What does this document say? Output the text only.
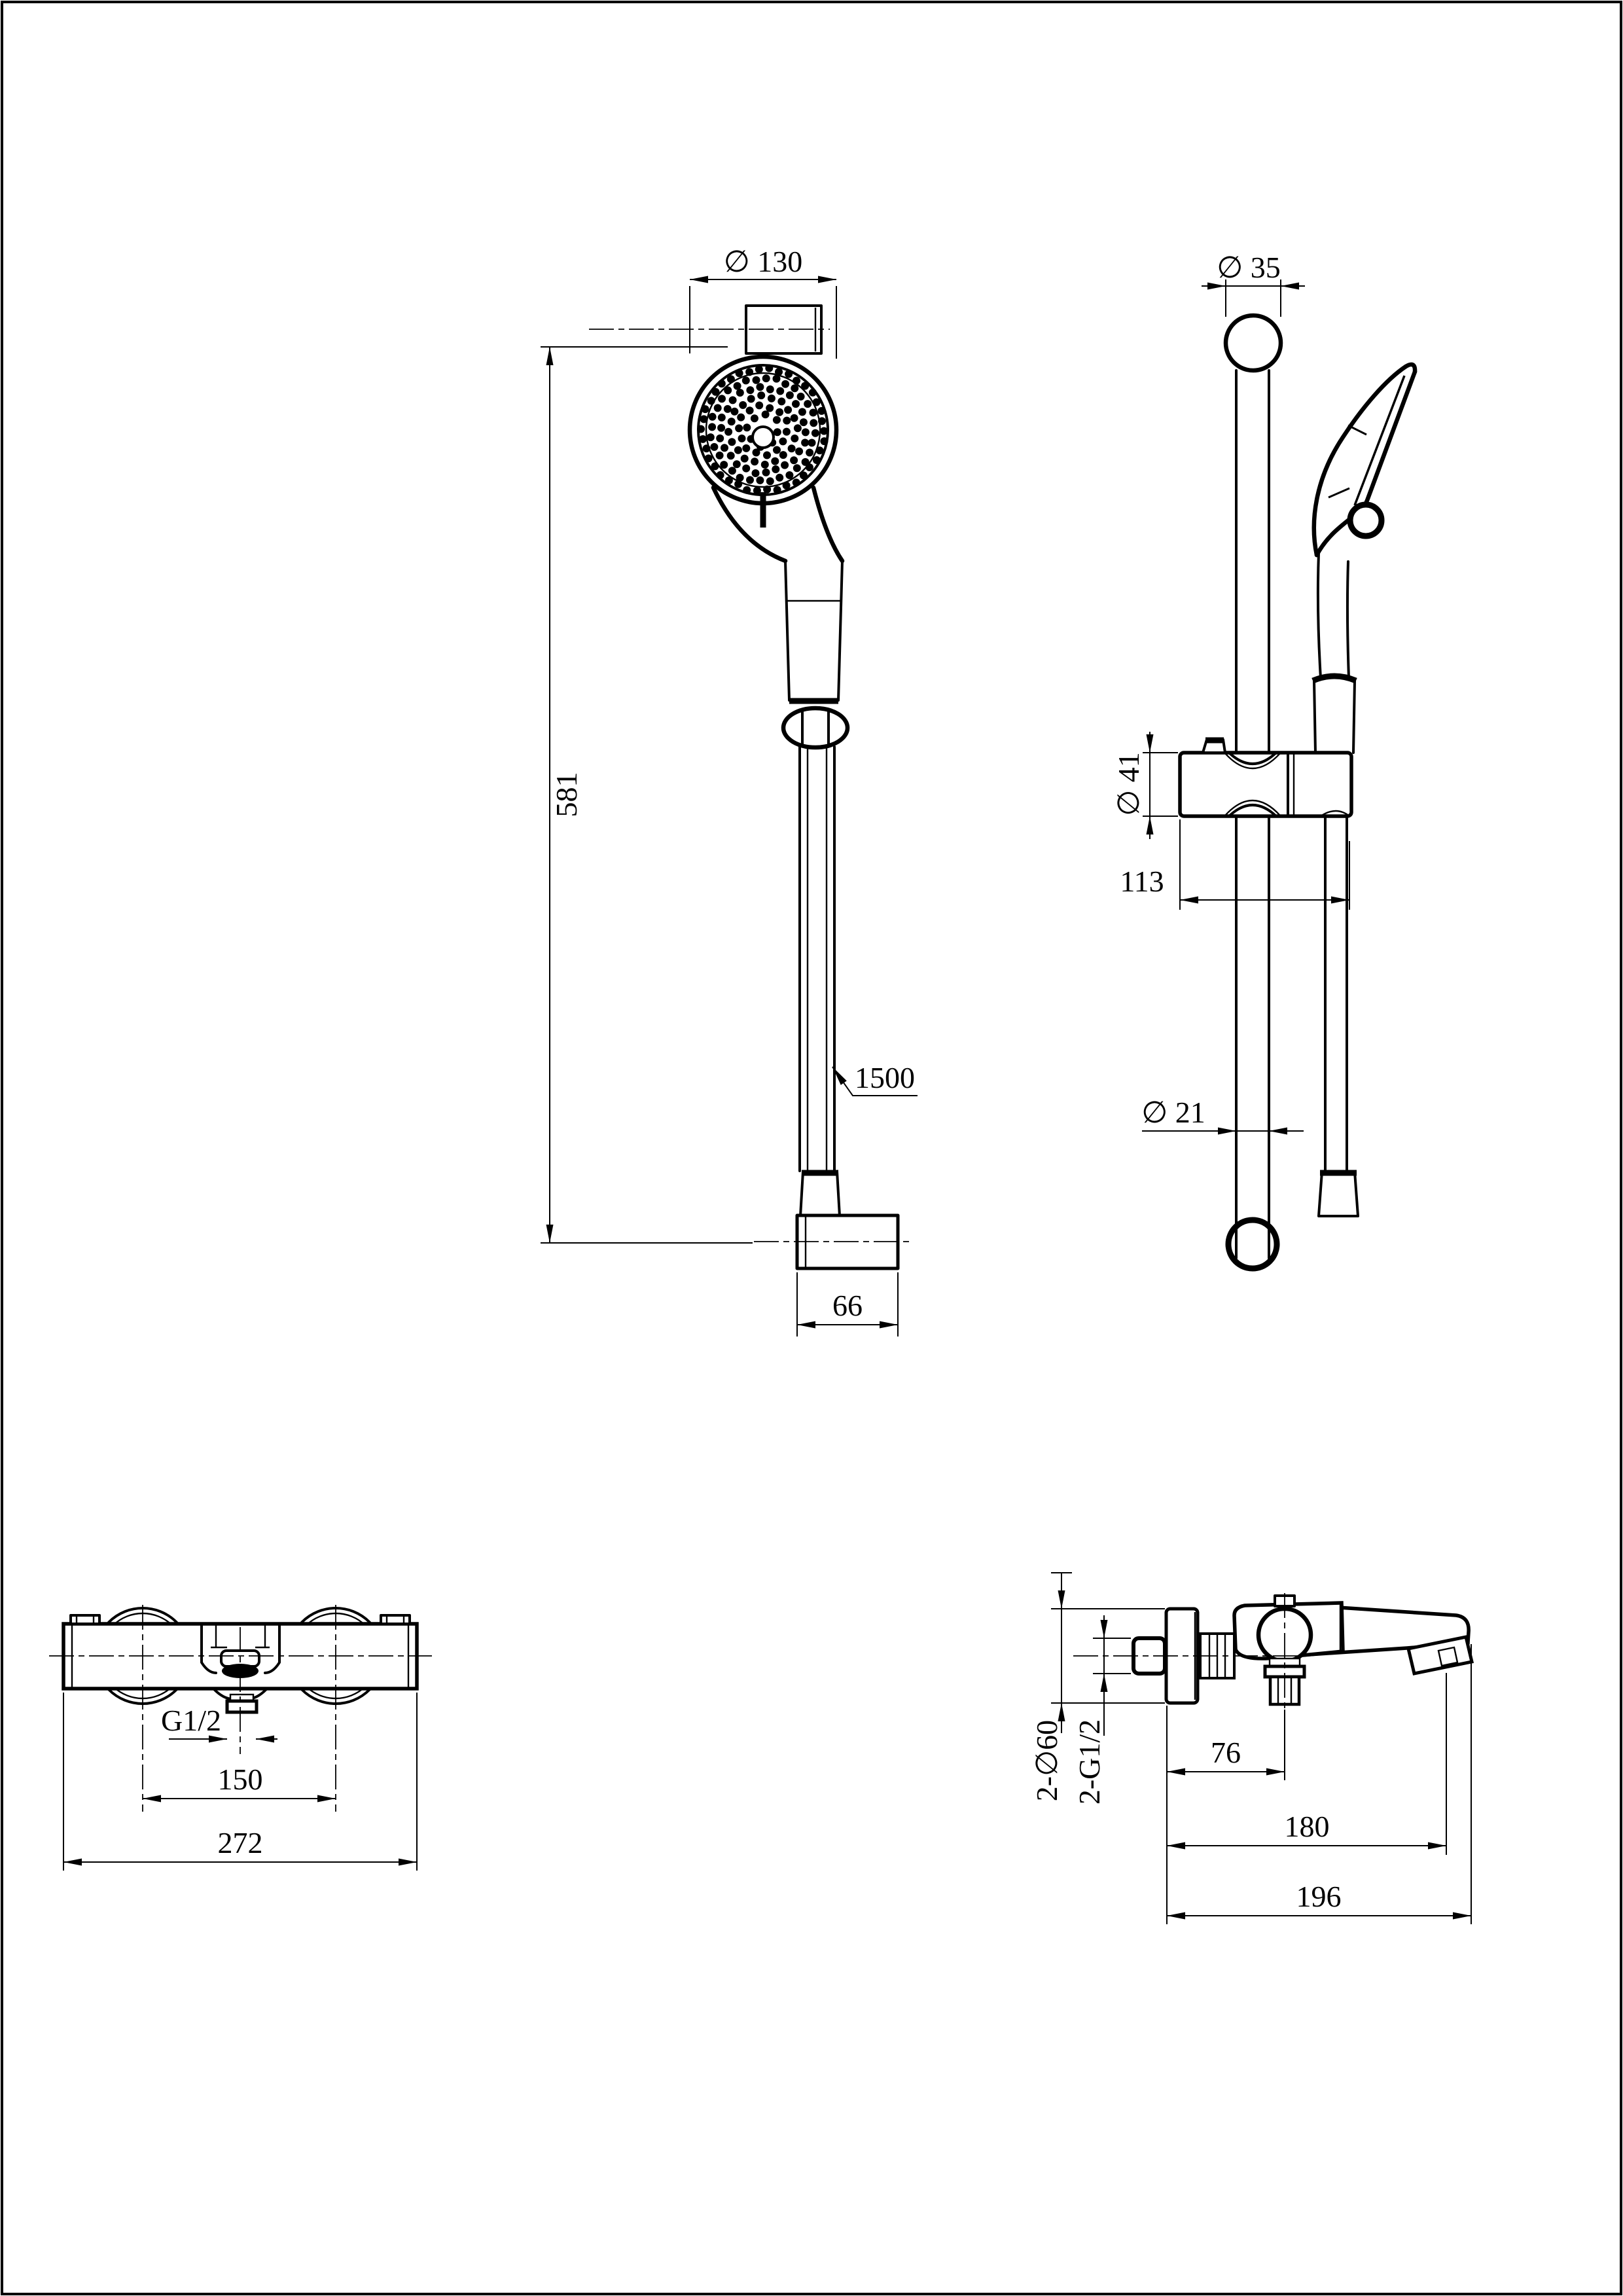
∅ 130
581
1500
66
∅ 35
∅ 41
113
∅ 21
G1/2
150
272
2-∅60 2-G1/2	76
180
196
